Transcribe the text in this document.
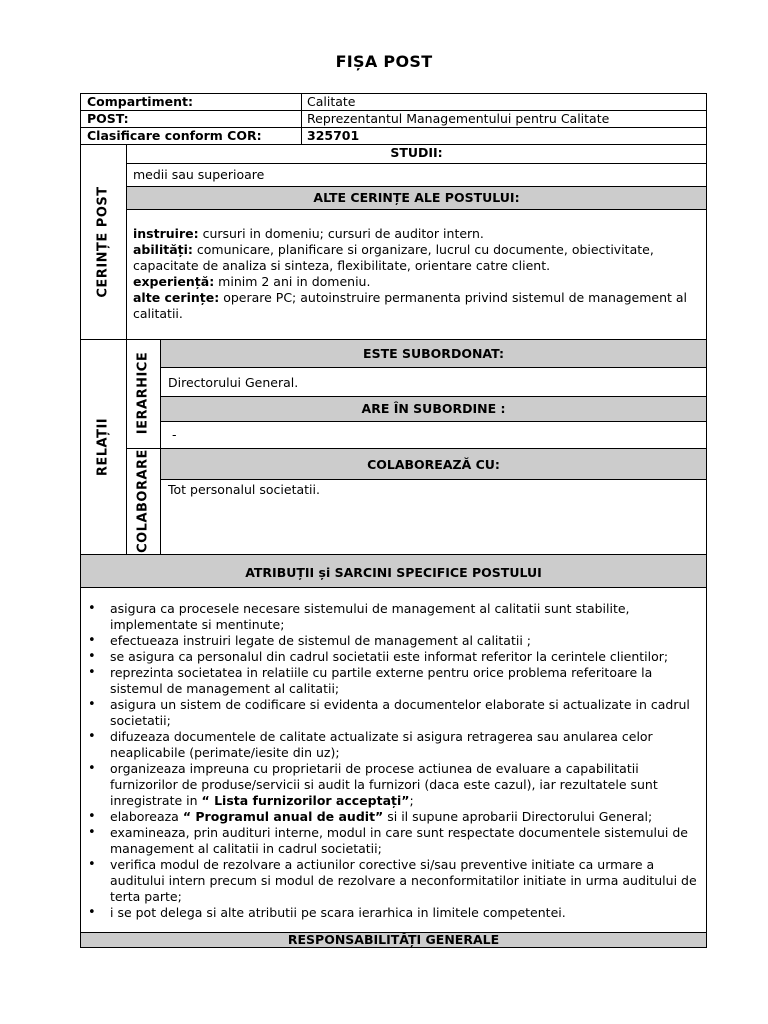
FIȘA POST
Compartiment:	Calitate
POST:	Reprezentantul Managementului pentru Calitate
Clasificare conform COR:	325701
CERINȚE POST
STUDII:
medii sau superioare
ALTE CERINȚE ALE POSTULUI:
instruire: cursuri in domeniu; cursuri de auditor intern.
abilități: comunicare, planificare si organizare, lucrul cu documente, obiectivitate,
capacitate de analiza si sinteza, flexibilitate, orientare catre client.
experiență: minim 2 ani in domeniu.
alte cerințe: operare PC; autoinstruire permanenta privind sistemul de management al
calitatii.
RELAȚII
IERARHICE
COLABORARE
ESTE SUBORDONAT:
Directorului General.
ARE ÎN SUBORDINE :
-
COLABOREAZĂ CU:
Tot personalul societatii.
ATRIBUȚII și SARCINI SPECIFICE POSTULUI
• asigura ca procesele necesare sistemului de management al calitatii sunt stabilite,
implementate si mentinute;
• efectueaza instruiri legate de sistemul de management al calitatii ;
• se asigura ca personalul din cadrul societatii este informat referitor la cerintele clientilor;
• reprezinta societatea in relatiile cu partile externe pentru orice problema referitoare la
sistemul de management al calitatii;
• asigura un sistem de codificare si evidenta a documentelor elaborate si actualizate in cadrul
societatii;
• difuzeaza documentele de calitate actualizate si asigura retragerea sau anularea celor
neaplicabile (perimate/iesite din uz);
• organizeaza impreuna cu proprietarii de procese actiunea de evaluare a capabilitatii
furnizorilor de produse/servicii si audit la furnizori (daca este cazul), iar rezultatele sunt
inregistrate in “ Lista furnizorilor acceptați”;
• elaboreaza “ Programul anual de audit” si il supune aprobarii Directorului General;
• examineaza, prin audituri interne, modul in care sunt respectate documentele sistemului de
management al calitatii in cadrul societatii;
• verifica modul de rezolvare a actiunilor corective si/sau preventive initiate ca urmare a
auditului intern precum si modul de rezolvare a neconformitatilor initiate in urma auditului de
terta parte;
• i se pot delega si alte atributii pe scara ierarhica in limitele competentei.
RESPONSABILITĂȚI GENERALE
